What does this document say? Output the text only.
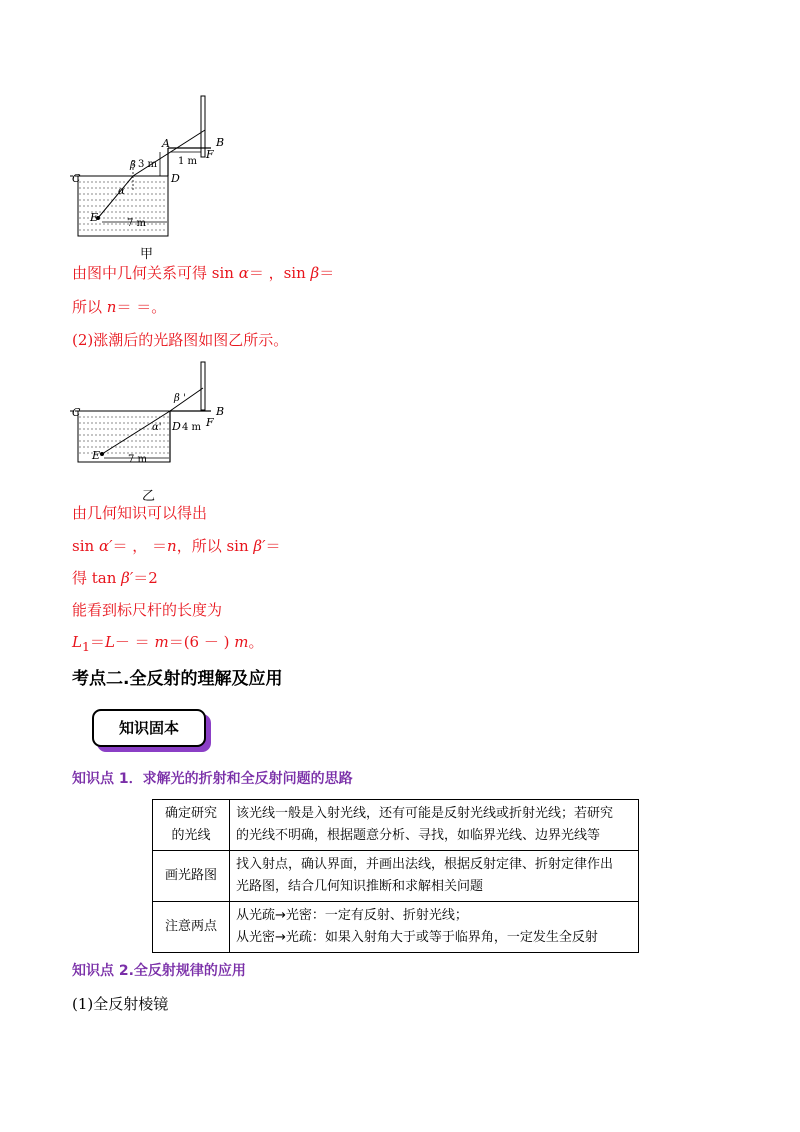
A	B
C	D
E
F
β
α
3 m 1 m
7 m
甲
由图中几何关系可得 sin α＝ ，sin β＝
所以 n＝ ＝。
(2)涨潮后的光路图如图乙所示。
C	B
D F
E
β '
α' 4 m
7 m
乙
由几何知识可以得出
sin α′＝ ， ＝n，所以 sin β′＝
得 tan β′＝2
能看到标尺杆的长度为
$L_1=L- = m=(6$ － ) m。
考点二.全反射的理解及应用
知识固本
知识点 1．求解光的折射和全反射问题的思路
确定研究的光线	该光线一般是入射光线，还有可能是反射光线或折射光线；若研究
的光线不明确，根据题意分析、寻找，如临界光线、边界光线等

画光路图	找入射点，确认界面，并画出法线，根据反射定律、折射定律作出
光路图，结合几何知识推断和求解相关问题

注意两点	从光疏→光密：一定有反射、折射光线；
从光密→光疏：如果入射角大于或等于临界角，一定发生全反射
知识点 2.全反射规律的应用
(1)全反射棱镜
